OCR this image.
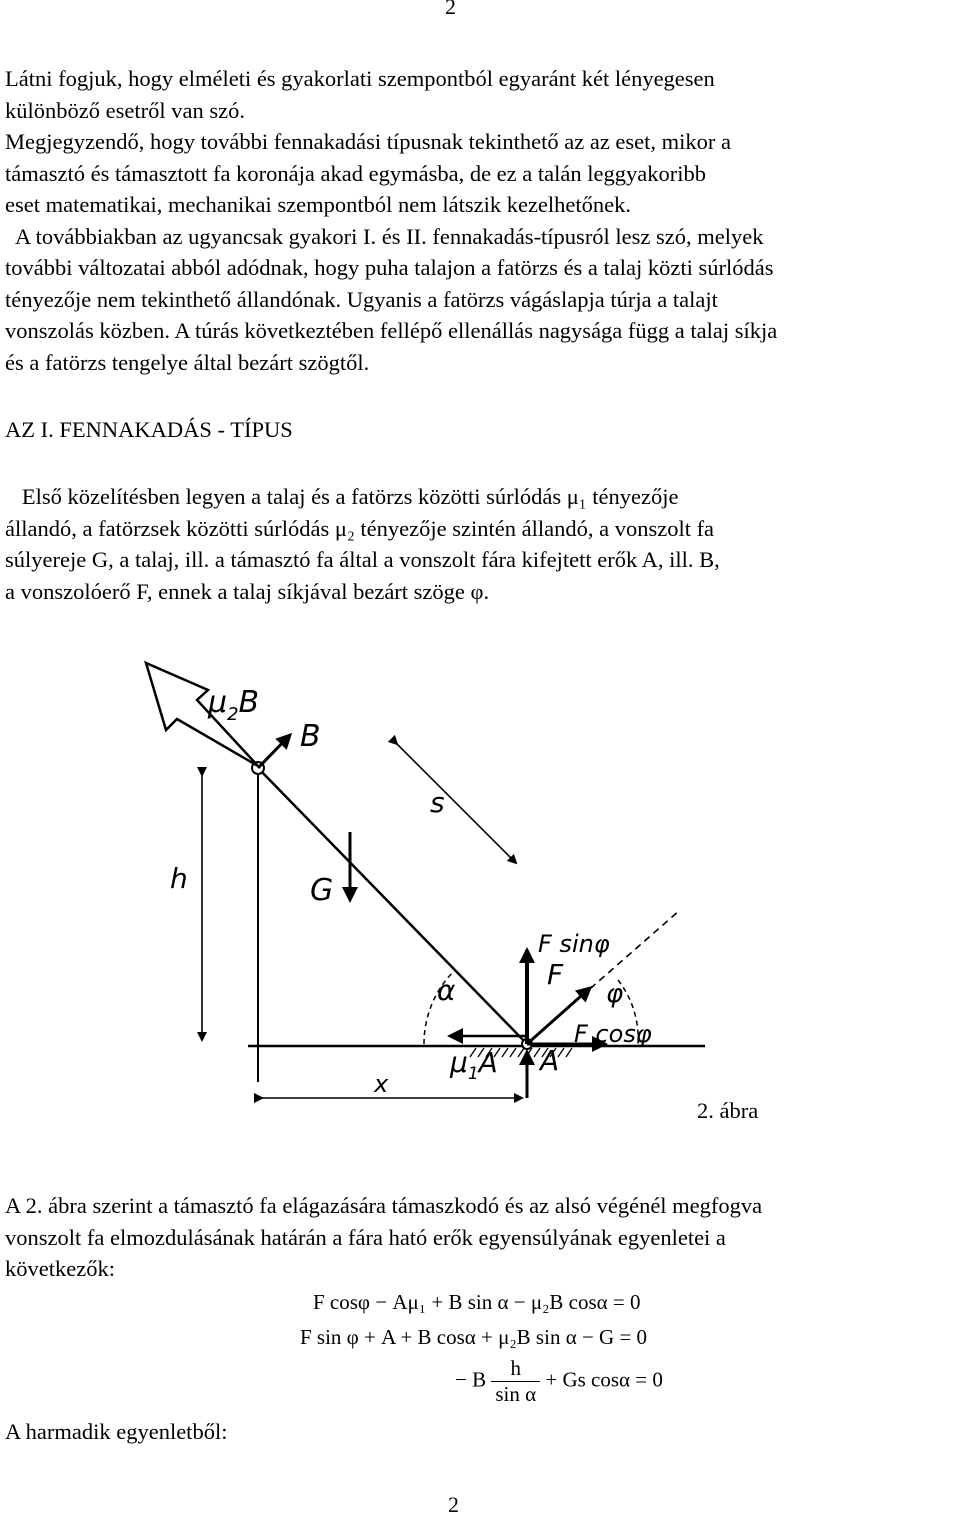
2

Látni fogjuk, hogy elméleti és gyakorlati szempontból egyaránt két lényegesen

különböző esetről van szó.

Megjegyzendő, hogy további fennakadási típusnak tekinthető az az eset, mikor a

támasztó és támasztott fa koronája akad egymásba, de ez a talán leggyakoribb

eset matematikai, mechanikai szempontból nem látszik kezelhetőnek.

A továbbiakban az ugyancsak gyakori I. és II. fennakadás-típusról lesz szó, melyek

további változatai abból adódnak, hogy puha talajon a fatörzs és a talaj közti súrlódás

tényezője nem tekinthető állandónak. Ugyanis a fatörzs vágáslapja túrja a talajt

vonszolás közben. A túrás következtében fellépő ellenállás nagysága függ a talaj síkja

és a fatörzs tengelye által bezárt szögtől.

AZ I. FENNAKADÁS - TÍPUS

Első közelítésben legyen a talaj és a fatörzs közötti súrlódás μ₁ tényezője

állandó, a fatörzsek közötti súrlódás μ₂ tényezője szintén állandó, a vonszolt fa

súlyereje G, a talaj, ill. a támasztó fa által a vonszolt fára kifejtett erők A, ill. B,

a vonszolóerő F, ennek a talaj síkjával bezárt szöge φ.

$\mu_2B$
B
s
h	G
F sinφ
F
α	φ
$\mu_1A$
F cosφ
A
x
2. ábra

A 2. ábra szerint a támasztó fa elágazására támaszkodó és az alsó végénél megfogva

vonszolt fa elmozdulásának határán a fára ható erők egyensúlyának egyenletei a

következők:

F cosφ − Aμ₁ + B sin α − μ₂B cosα = 0
F sin φ + A + B cosα + μ₂B sin α − G = 0
− B $\frac{h}{\text{sin α}} + Gs$ cosα = 0

A harmadik egyenletből:

2
